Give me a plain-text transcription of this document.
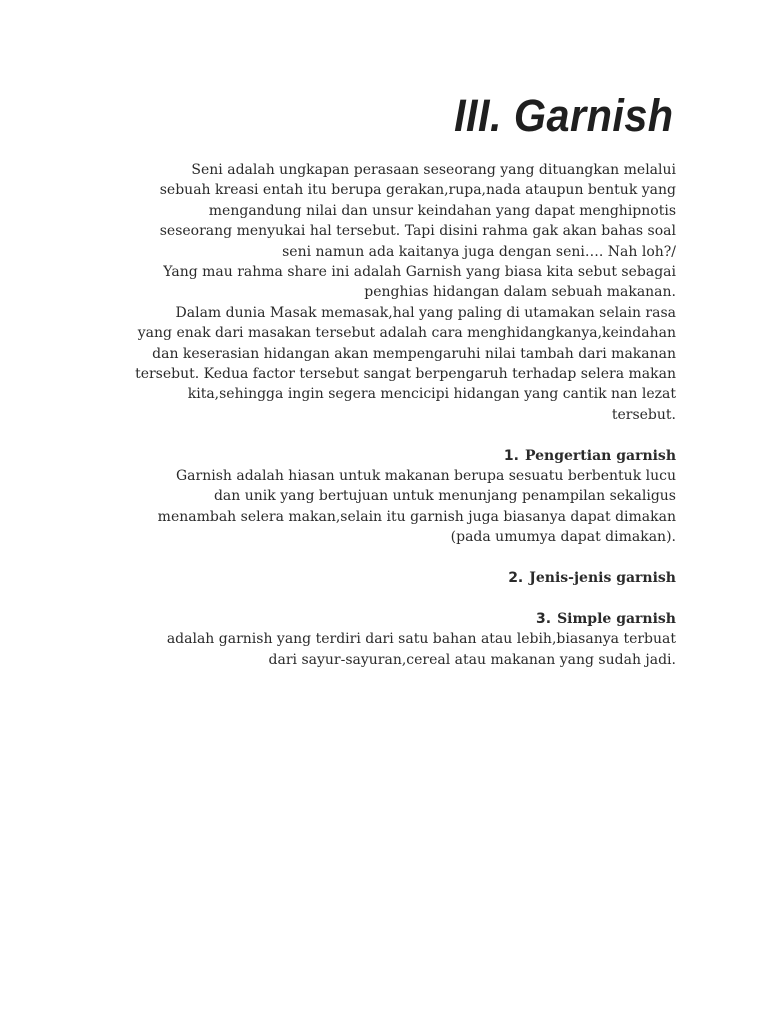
III. Garnish
Seni adalah ungkapan perasaan seseorang yang dituangkan melalui
sebuah kreasi entah itu berupa gerakan,rupa,nada ataupun bentuk yang
mengandung nilai dan unsur keindahan yang dapat menghipnotis
seseorang menyukai hal tersebut. Tapi disini rahma gak akan bahas soal
seni namun ada kaitanya juga dengan seni…. Nah loh?/
Yang mau rahma share ini adalah Garnish yang biasa kita sebut sebagai
penghias hidangan dalam sebuah makanan.
Dalam dunia Masak memasak,hal yang paling di utamakan selain rasa
yang enak dari masakan tersebut adalah cara menghidangkanya,keindahan
dan keserasian hidangan akan mempengaruhi nilai tambah dari makanan
tersebut. Kedua factor tersebut sangat berpengaruh terhadap selera makan
kita,sehingga ingin segera mencicipi hidangan yang cantik nan lezat
tersebut.
1. Pengertian garnish
Garnish adalah hiasan untuk makanan berupa sesuatu berbentuk lucu
dan unik yang bertujuan untuk menunjang penampilan sekaligus
menambah selera makan,selain itu garnish juga biasanya dapat dimakan
(pada umumya dapat dimakan).
2. Jenis-jenis garnish
3. Simple garnish
adalah garnish yang terdiri dari satu bahan atau lebih,biasanya terbuat
dari sayur-sayuran,cereal atau makanan yang sudah jadi.
